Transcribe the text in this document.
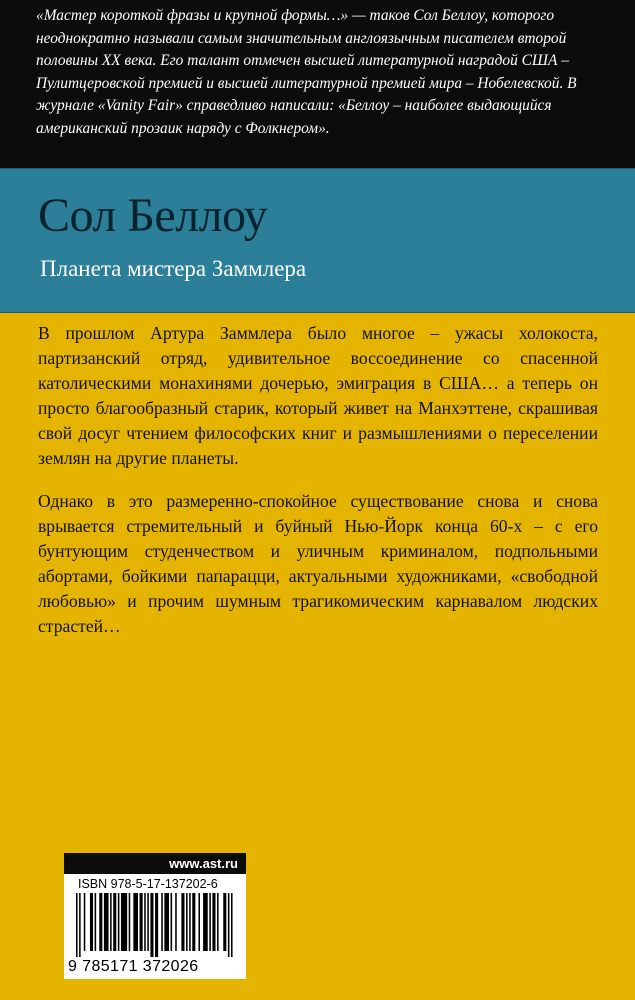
«Мастер короткой фразы и крупной формы…» — таков Сол Беллоу, которого неоднократно называли самым значительным англоязычным писателем второй половины XX века. Его талант отмечен высшей литературной наградой США – Пулитцеровской премией и высшей литературной премией мира – Нобелевской. В журнале «Vanity Fair» справедливо написали: «Беллоу – наиболее выдающийся американский прозаик наряду с Фолкнером».

Сол Беллоу
Планета мистера Заммлера

В прошлом Артура Заммлера было многое – ужасы холокоста, партизанский отряд, удивительное воссоединение со спасенной католическими монахинями дочерью, эмиграция в США… а теперь он просто благообразный старик, который живет на Манхэттене, скрашивая свой досуг чтением философских книг и размышлениями о переселении землян на другие планеты.

Однако в это размеренно-спокойное существование снова и снова врывается стремительный и буйный Нью-Йорк конца 60-х – с его бунтующим студенчеством и уличным криминалом, подпольными абортами, бойкими папарацци, актуальными художниками, «свободной любовью» и прочим шумным трагикомическим карнавалом людских страстей…

www.ast.ru

ISBN 978-5-17-137202-6

9 785171 372026
